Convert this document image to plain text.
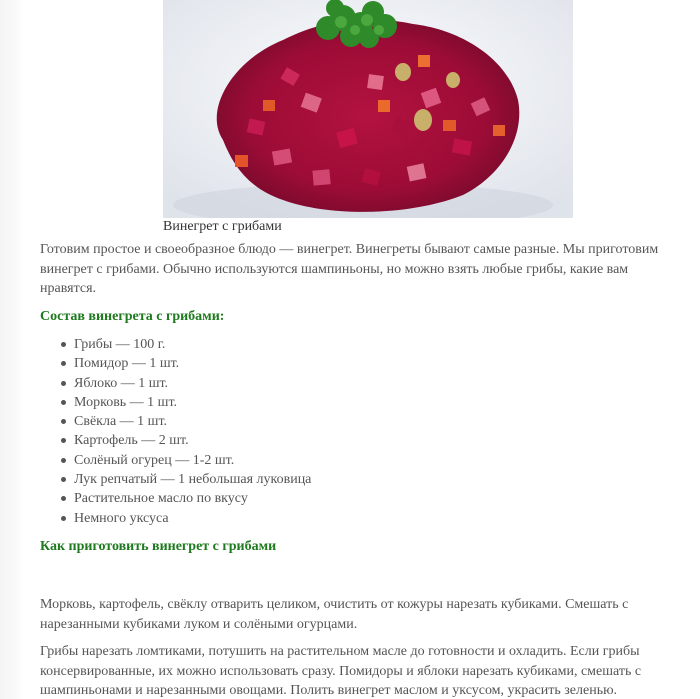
Винегрет с грибами

Готовим простое и своеобразное блюдо — винегрет. Винегреты бывают самые разные. Мы приготовим винегрет с грибами. Обычно используются шампиньоны, но можно взять любые грибы, какие вам нравятся.

Состав винегрета с грибами:
Грибы — 100 г.
Помидор — 1 шт.
Яблоко — 1 шт.
Морковь — 1 шт.
Свёкла — 1 шт.
Картофель — 2 шт.
Солёный огурец — 1-2 шт.
Лук репчатый — 1 небольшая луковица
Растительное масло по вкусу
Немного уксуса
Как приготовить винегрет с грибами

Морковь, картофель, свёклу отварить целиком, очистить от кожуры нарезать кубиками. Смешать с нарезанными кубиками луком и солёными огурцами.

Грибы нарезать ломтиками, потушить на растительном масле до готовности и охладить. Если грибы консервированные, их можно использовать сразу. Помидоры и яблоки нарезать кубиками, смешать с шампиньонами и нарезанными овощами. Полить винегрет маслом и уксусом, украсить зеленью.
